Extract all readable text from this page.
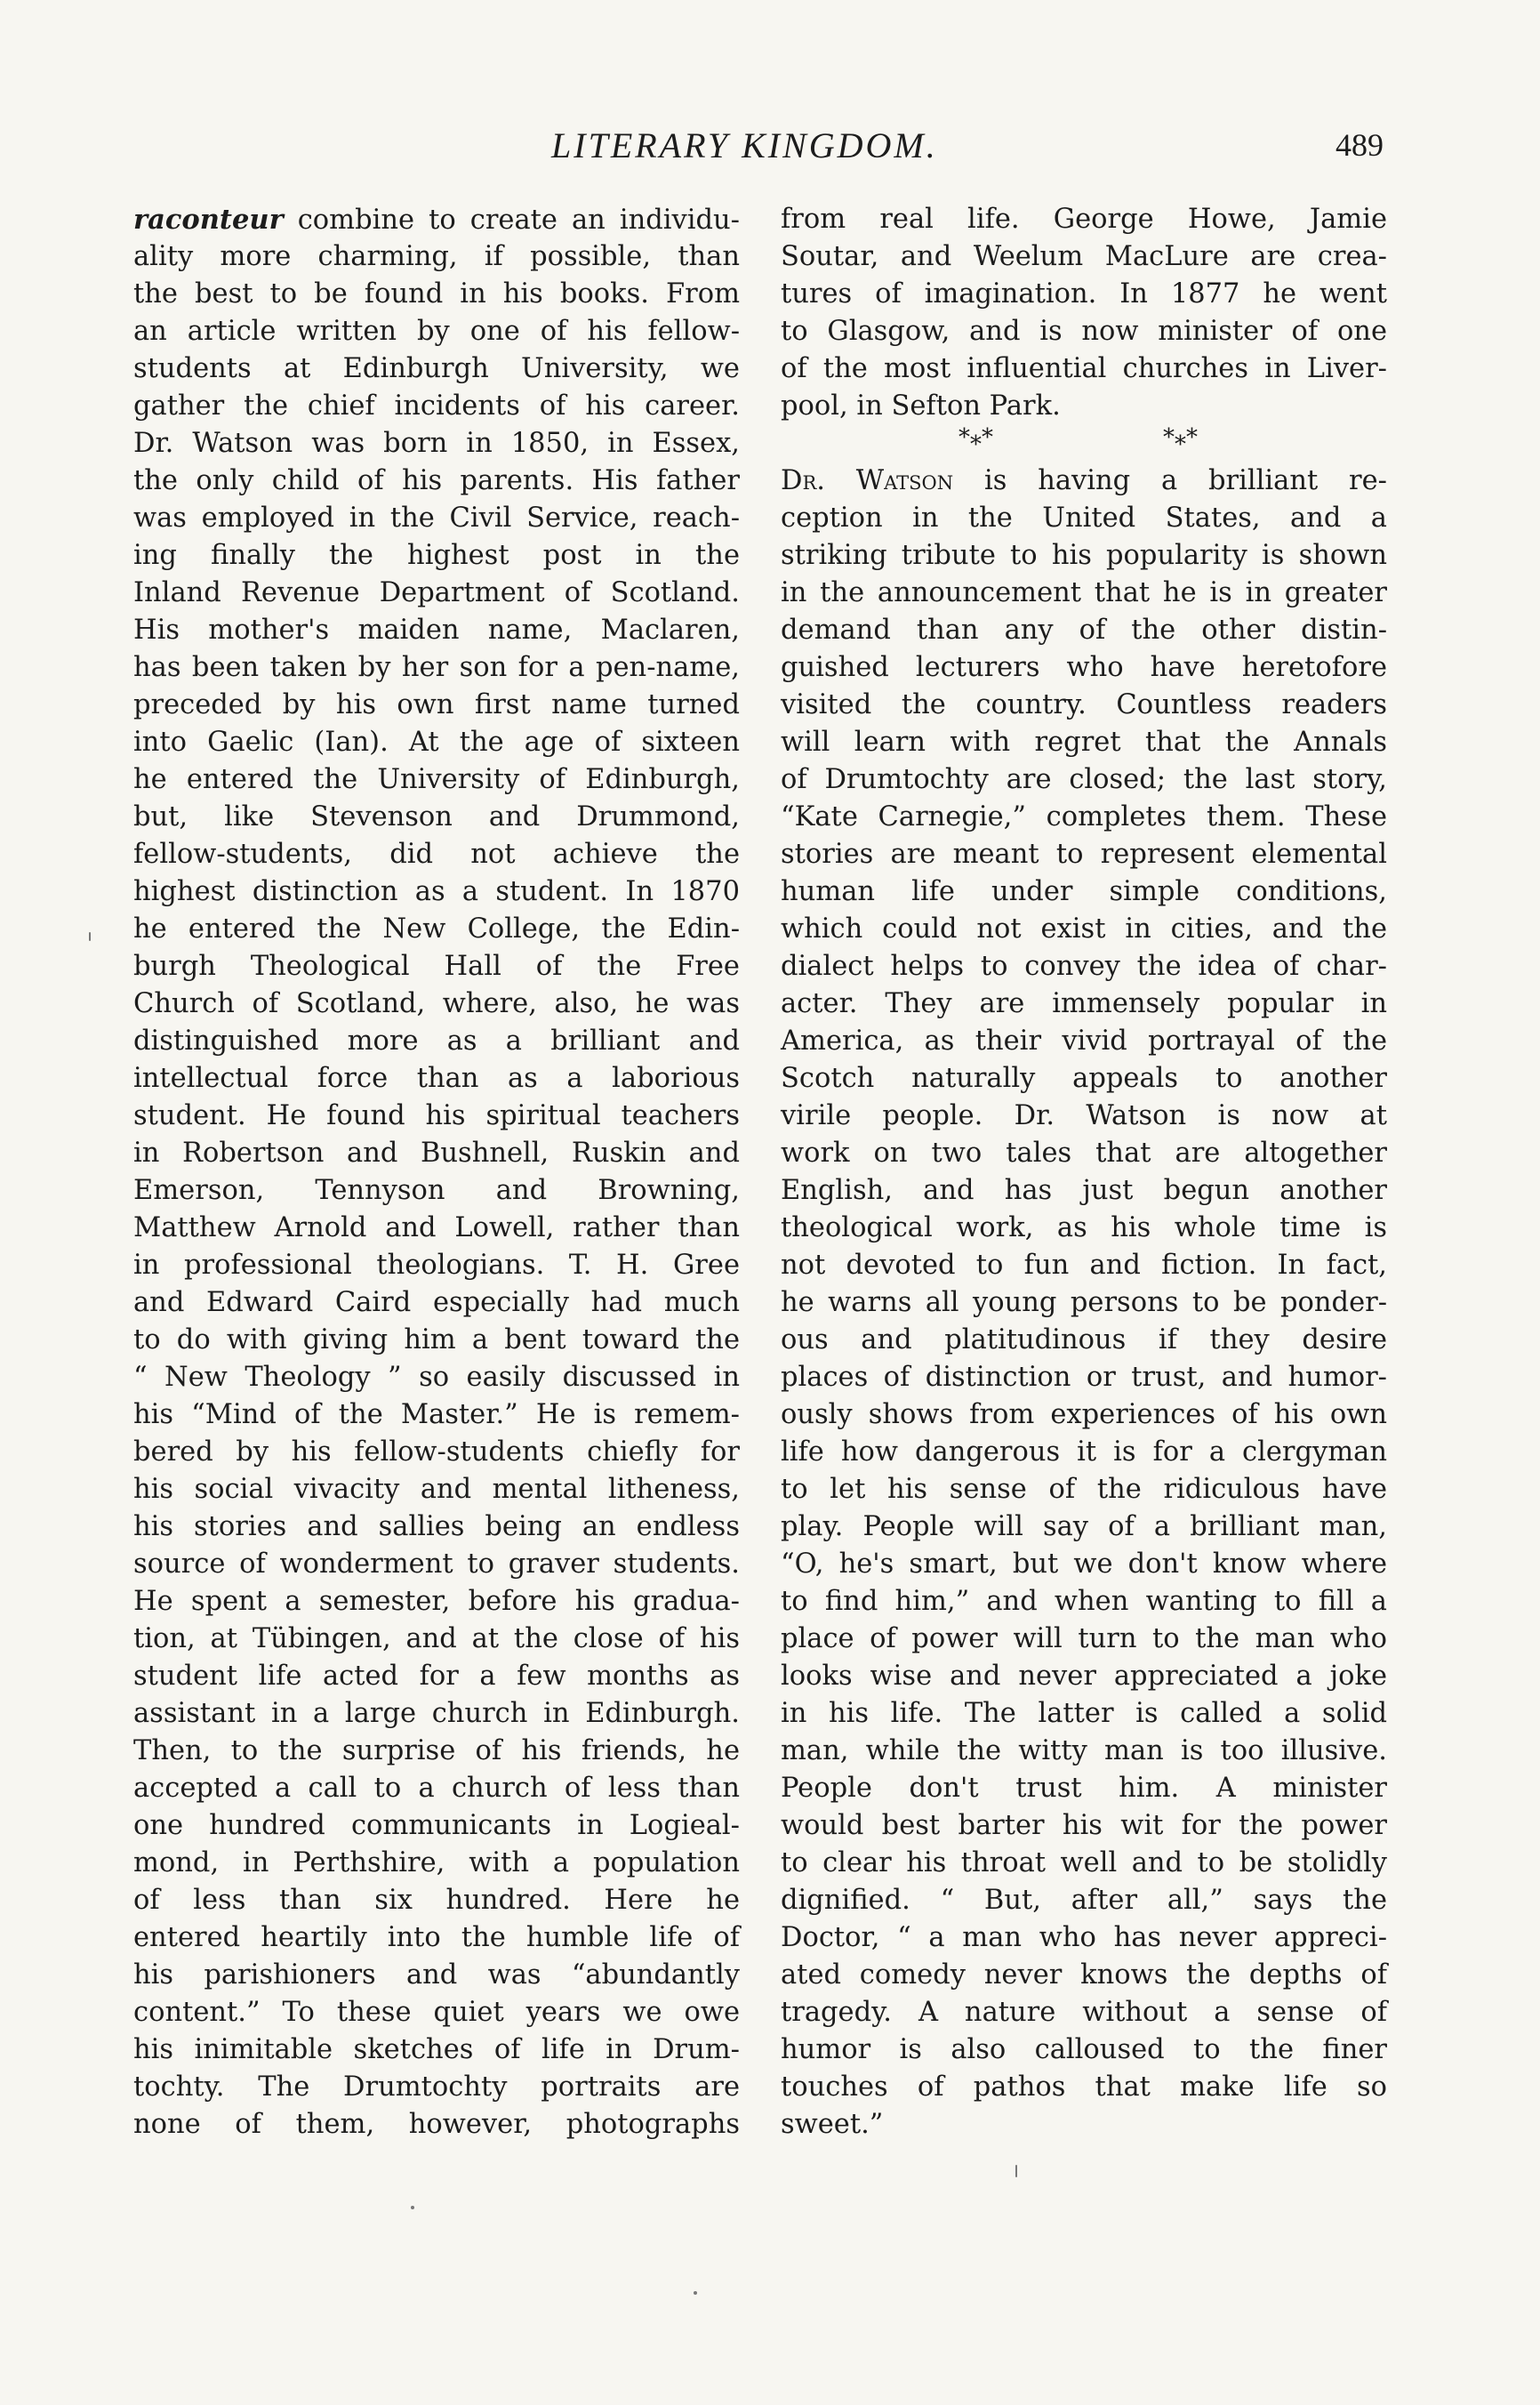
LITERARY KINGDOM.	489
raconteur combine to create an individu-
ality more charming, if possible, than
the best to be found in his books. From
an article written by one of his fellow-
students at Edinburgh University, we
gather the chief incidents of his career.
Dr. Watson was born in 1850, in Essex,
the only child of his parents. His father
was employed in the Civil Service, reach-
ing finally the highest post in the
Inland Revenue Department of Scotland.
His mother's maiden name, Maclaren,
has been taken by her son for a pen-name,
preceded by his own first name turned
into Gaelic (Ian). At the age of sixteen
he entered the University of Edinburgh,
but, like Stevenson and Drummond,
fellow-students, did not achieve the
highest distinction as a student. In 1870
he entered the New College, the Edin-
burgh Theological Hall of the Free
Church of Scotland, where, also, he was
distinguished more as a brilliant and
intellectual force than as a laborious
student. He found his spiritual teachers
in Robertson and Bushnell, Ruskin and
Emerson, Tennyson and Browning,
Matthew Arnold and Lowell, rather than
in professional theologians. T. H. Gree
and Edward Caird especially had much
to do with giving him a bent toward the
“ New Theology ” so easily discussed in
his “Mind of the Master.” He is remem-
bered by his fellow-students chiefly for
his social vivacity and mental litheness,
his stories and sallies being an endless
source of wonderment to graver students.
He spent a semester, before his gradua-
tion, at Tübingen, and at the close of his
student life acted for a few months as
assistant in a large church in Edinburgh.
Then, to the surprise of his friends, he
accepted a call to a church of less than
one hundred communicants in Logieal-
mond, in Perthshire, with a population
of less than six hundred. Here he
entered heartily into the humble life of
his parishioners and was “abundantly
content.” To these quiet years we owe
his inimitable sketches of life in Drum-
tochty. The Drumtochty portraits are
none of them, however, photographs
from real life. George Howe, Jamie
Soutar, and Weelum MacLure are crea-
tures of imagination. In 1877 he went
to Glasgow, and is now minister of one
of the most influential churches in Liver-
pool, in Sefton Park.
*⁎*	*⁎*
Dr. Watson is having a brilliant re-
ception in the United States, and a
striking tribute to his popularity is shown
in the announcement that he is in greater
demand than any of the other distin-
guished lecturers who have heretofore
visited the country. Countless readers
will learn with regret that the Annals
of Drumtochty are closed; the last story,
“Kate Carnegie,” completes them. These
stories are meant to represent elemental
human life under simple conditions,
which could not exist in cities, and the
dialect helps to convey the idea of char-
acter. They are immensely popular in
America, as their vivid portrayal of the
Scotch naturally appeals to another
virile people. Dr. Watson is now at
work on two tales that are altogether
English, and has just begun another
theological work, as his whole time is
not devoted to fun and fiction. In fact,
he warns all young persons to be ponder-
ous and platitudinous if they desire
places of distinction or trust, and humor-
ously shows from experiences of his own
life how dangerous it is for a clergyman
to let his sense of the ridiculous have
play. People will say of a brilliant man,
“O, he's smart, but we don't know where
to find him,” and when wanting to fill a
place of power will turn to the man who
looks wise and never appreciated a joke
in his life. The latter is called a solid
man, while the witty man is too illusive.
People don't trust him. A minister
would best barter his wit for the power
to clear his throat well and to be stolidly
dignified. “ But, after all,” says the
Doctor, “ a man who has never appreci-
ated comedy never knows the depths of
tragedy. A nature without a sense of
humor is also calloused to the finer
touches of pathos that make life so
sweet.”
